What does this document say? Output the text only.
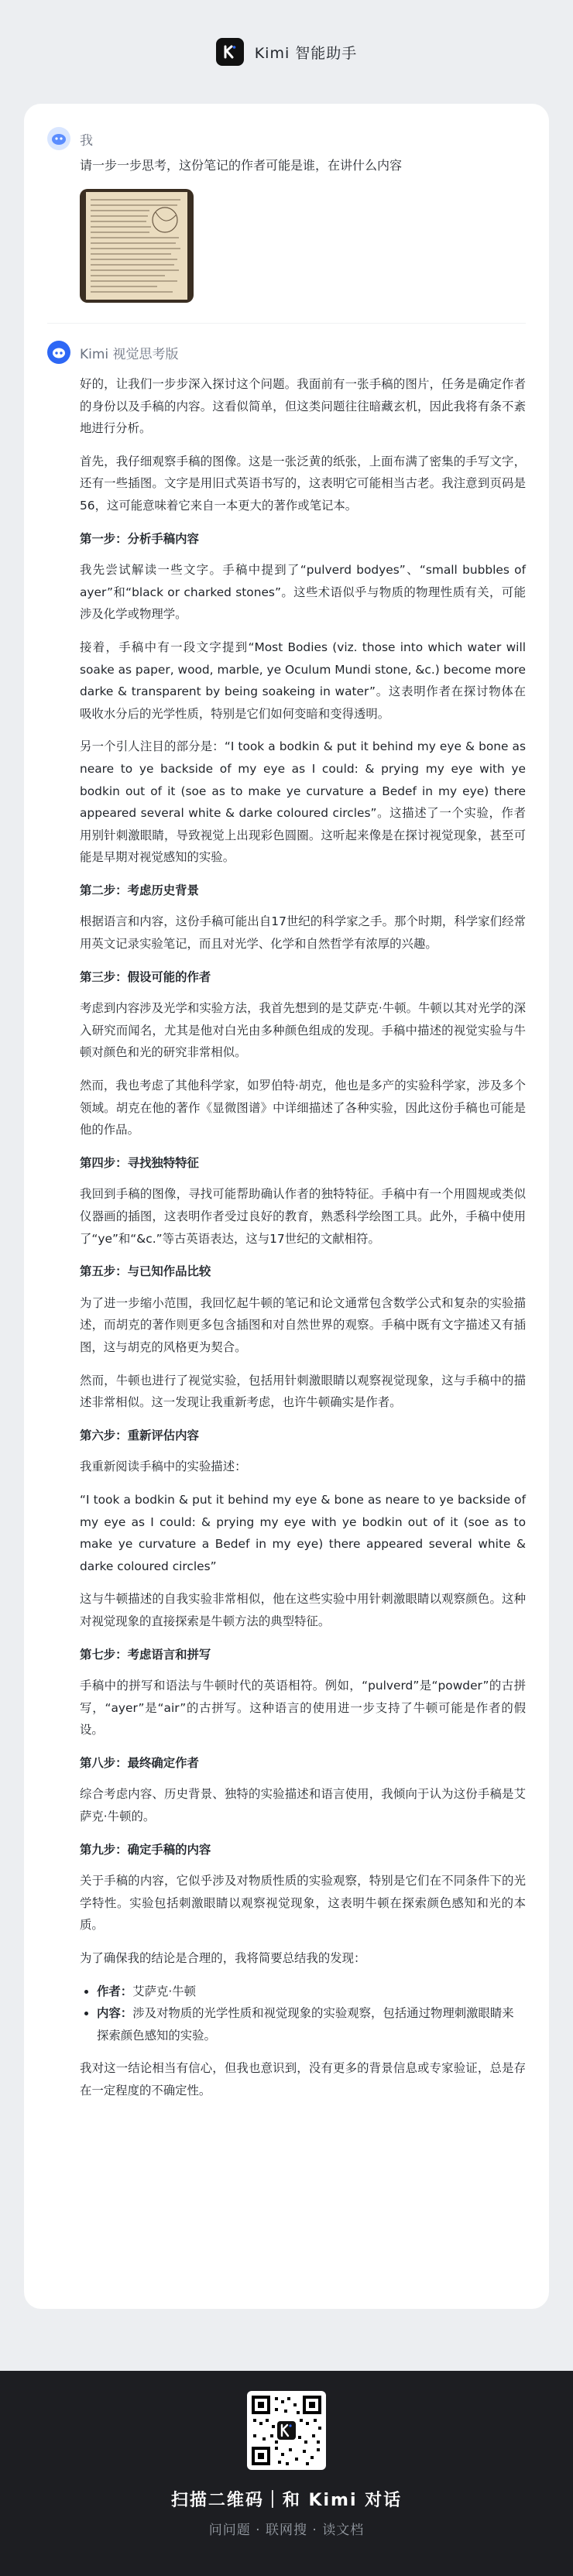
Kimi 智能助手
我
请一步一步思考，这份笔记的作者可能是谁，在讲什么内容
Kimi 视觉思考版

好的，让我们一步步深入探讨这个问题。我面前有一张手稿的图片，任务是确定作者的身份以及手稿的内容。这看似简单，但这类问题往往暗藏玄机，因此我将有条不紊地进行分析。

首先，我仔细观察手稿的图像。这是一张泛黄的纸张，上面布满了密集的手写文字，还有一些插图。文字是用旧式英语书写的，这表明它可能相当古老。我注意到页码是56，这可能意味着它来自一本更大的著作或笔记本。

第一步：分析手稿内容

我先尝试解读一些文字。手稿中提到了“pulverd bodyes”、“small bubbles of ayer”和“black or charked stones”。这些术语似乎与物质的物理性质有关，可能涉及化学或物理学。

接着，手稿中有一段文字提到“Most Bodies (viz. those into which water will soake as paper, wood, marble, ye Oculum Mundi stone, &c.) become more darke & transparent by being soakeing in water”。这表明作者在探讨物体在吸收水分后的光学性质，特别是它们如何变暗和变得透明。

另一个引人注目的部分是：“I took a bodkin & put it behind my eye & bone as neare to ye backside of my eye as I could: & prying my eye with ye bodkin out of it (soe as to make ye curvature a Bedef in my eye) there appeared several white & darke coloured circles”。这描述了一个实验，作者用别针刺激眼睛，导致视觉上出现彩色圆圈。这听起来像是在探讨视觉现象，甚至可能是早期对视觉感知的实验。

第二步：考虑历史背景

根据语言和内容，这份手稿可能出自17世纪的科学家之手。那个时期，科学家们经常用英文记录实验笔记，而且对光学、化学和自然哲学有浓厚的兴趣。

第三步：假设可能的作者

考虑到内容涉及光学和实验方法，我首先想到的是艾萨克·牛顿。牛顿以其对光学的深入研究而闻名，尤其是他对白光由多种颜色组成的发现。手稿中描述的视觉实验与牛顿对颜色和光的研究非常相似。

然而，我也考虑了其他科学家，如罗伯特·胡克，他也是多产的实验科学家，涉及多个领域。胡克在他的著作《显微图谱》中详细描述了各种实验，因此这份手稿也可能是他的作品。

第四步：寻找独特特征

我回到手稿的图像，寻找可能帮助确认作者的独特特征。手稿中有一个用圆规或类似仪器画的插图，这表明作者受过良好的教育，熟悉科学绘图工具。此外，手稿中使用了“ye”和“&c.”等古英语表达，这与17世纪的文献相符。

第五步：与已知作品比较

为了进一步缩小范围，我回忆起牛顿的笔记和论文通常包含数学公式和复杂的实验描述，而胡克的著作则更多包含插图和对自然世界的观察。手稿中既有文字描述又有插图，这与胡克的风格更为契合。

然而，牛顿也进行了视觉实验，包括用针刺激眼睛以观察视觉现象，这与手稿中的描述非常相似。这一发现让我重新考虑，也许牛顿确实是作者。

第六步：重新评估内容

我重新阅读手稿中的实验描述：

“I took a bodkin & put it behind my eye & bone as neare to ye backside of my eye as I could: & prying my eye with ye bodkin out of it (soe as to make ye curvature a Bedef in my eye) there appeared several white & darke coloured circles”

这与牛顿描述的自我实验非常相似，他在这些实验中用针刺激眼睛以观察颜色。这种对视觉现象的直接探索是牛顿方法的典型特征。

第七步：考虑语言和拼写

手稿中的拼写和语法与牛顿时代的英语相符。例如，“pulverd”是“powder”的古拼写，“ayer”是“air”的古拼写。这种语言的使用进一步支持了牛顿可能是作者的假设。

第八步：最终确定作者

综合考虑内容、历史背景、独特的实验描述和语言使用，我倾向于认为这份手稿是艾萨克·牛顿的。

第九步：确定手稿的内容

关于手稿的内容，它似乎涉及对物质性质的实验观察，特别是它们在不同条件下的光学特性。实验包括刺激眼睛以观察视觉现象，这表明牛顿在探索颜色感知和光的本质。

为了确保我的结论是合理的，我将简要总结我的发现：

• 作者：艾萨克·牛顿
• 内容：涉及对物质的光学性质和视觉现象的实验观察，包括通过物理刺激眼睛来探索颜色感知的实验。

我对这一结论相当有信心，但我也意识到，没有更多的背景信息或专家验证，总是存在一定程度的不确定性。

扫描二维码｜和 Kimi 对话
问问题 · 联网搜 · 读文档
